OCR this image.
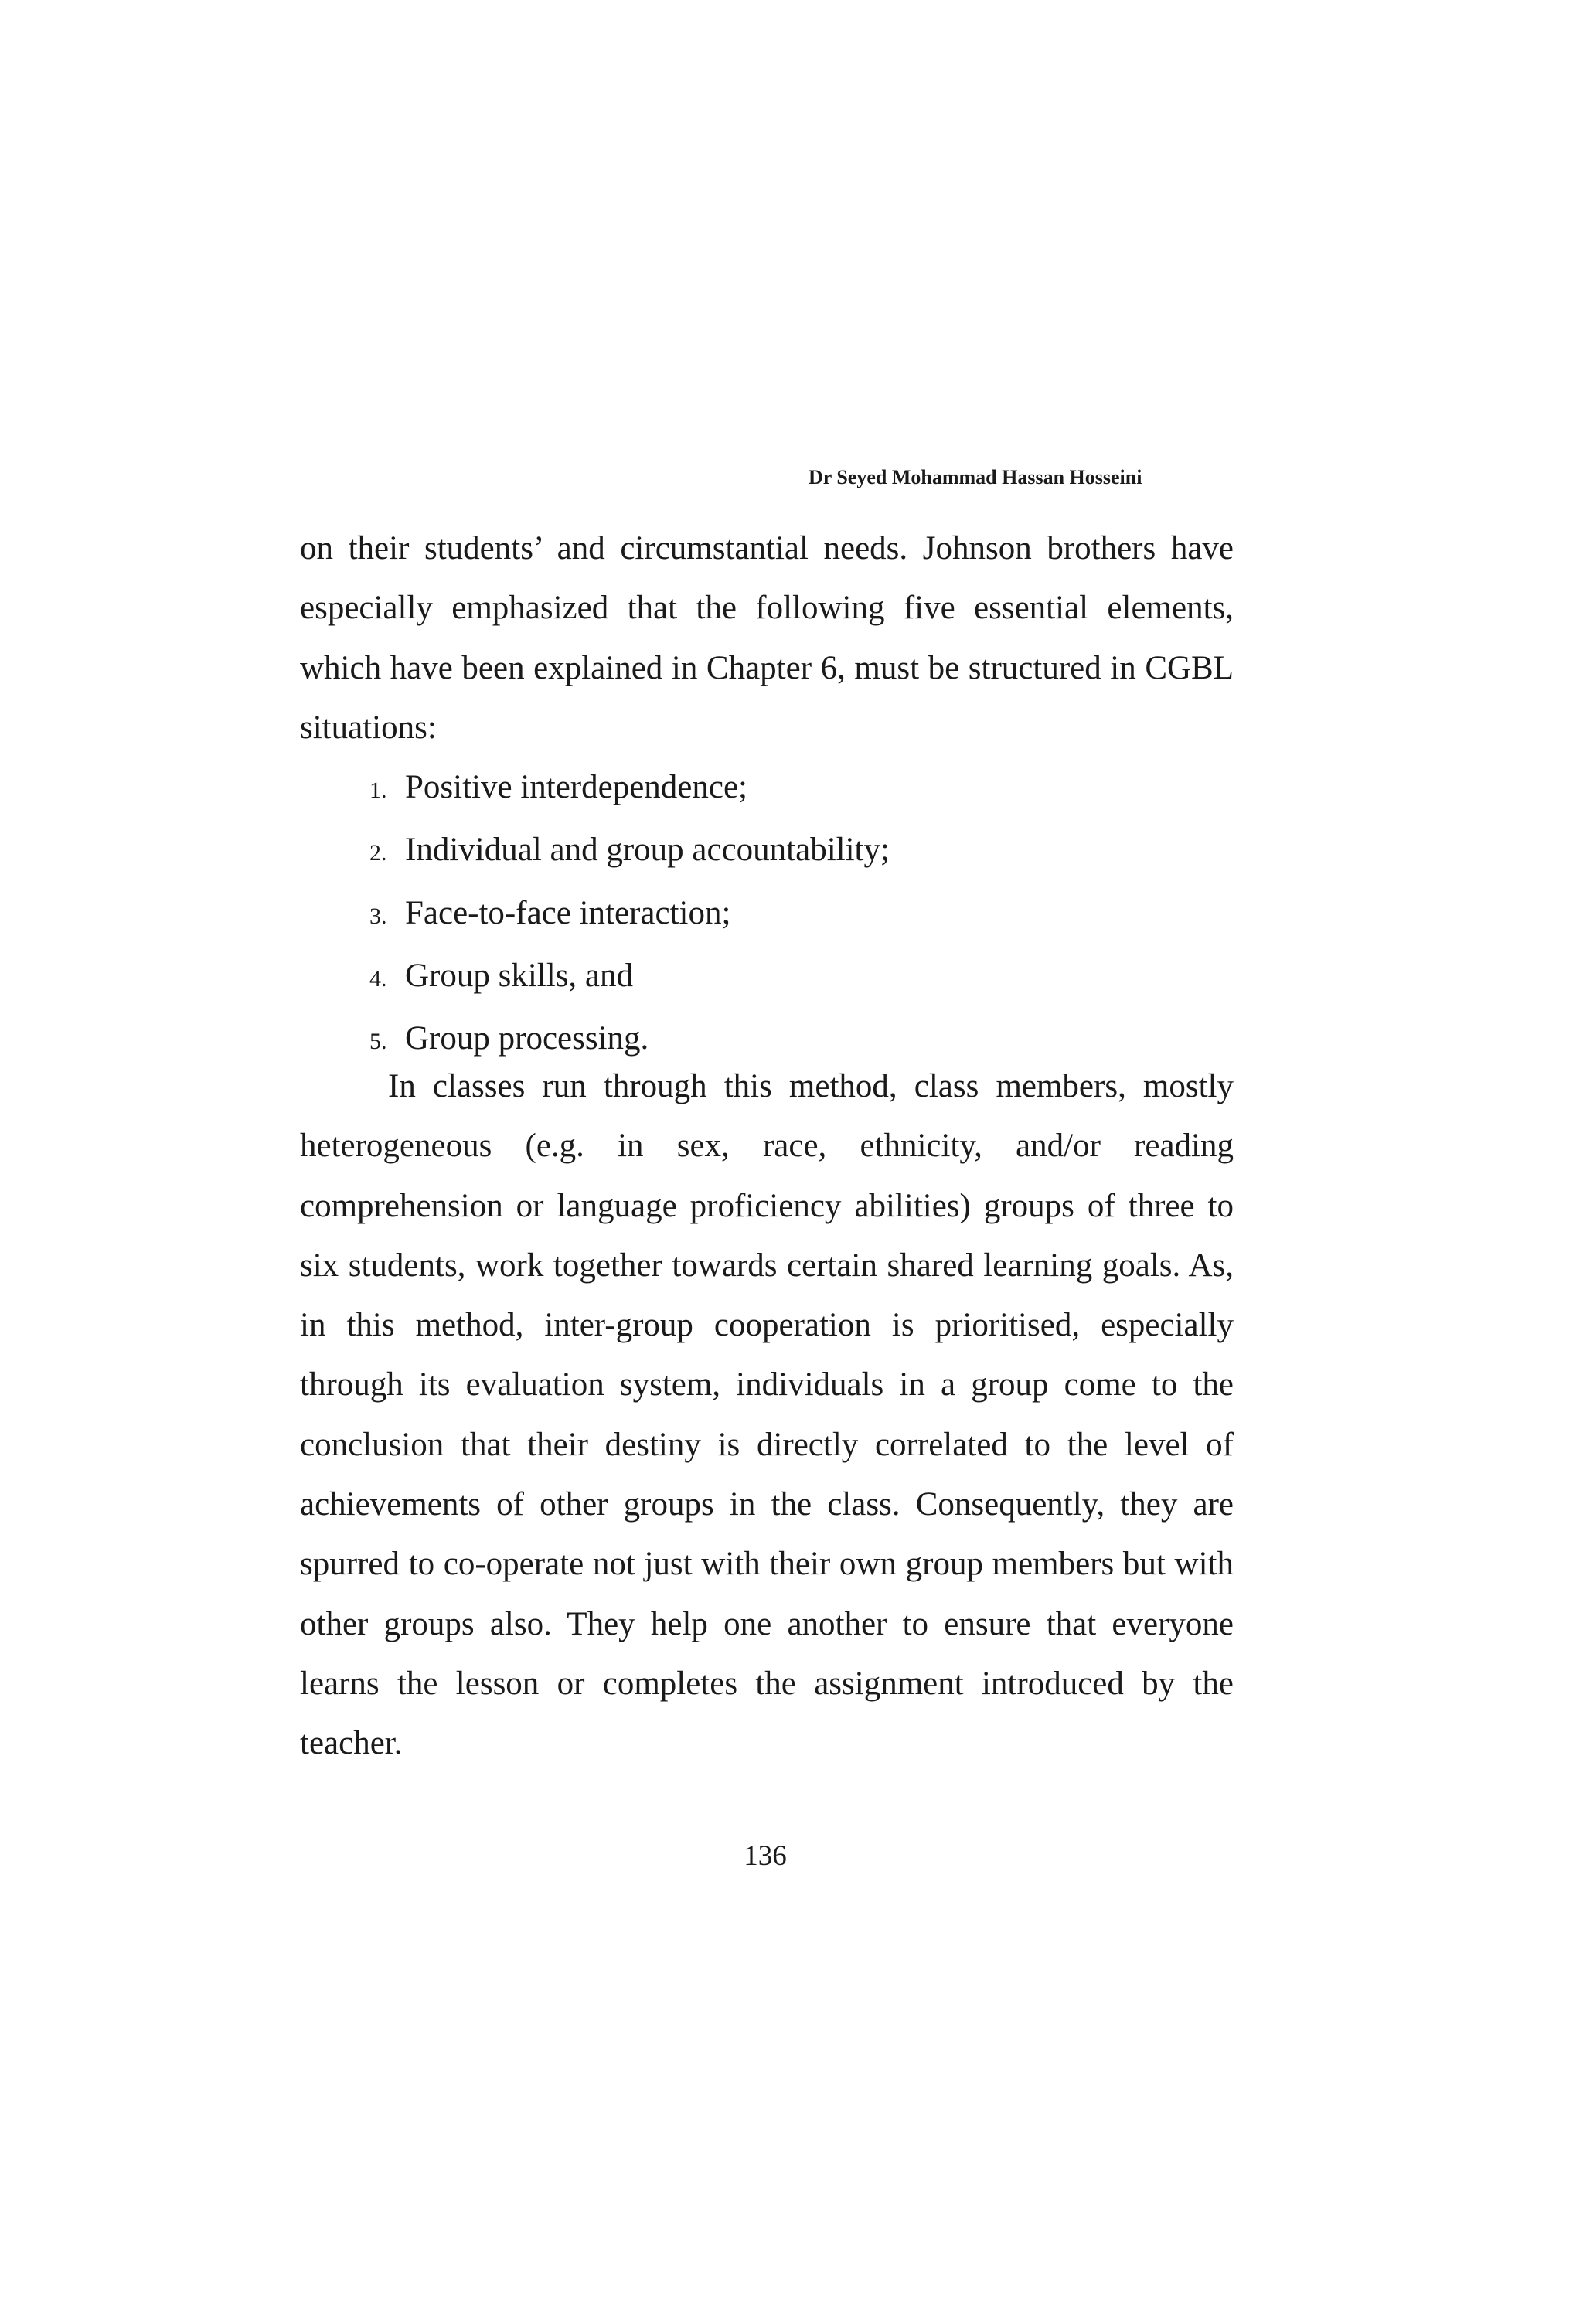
Dr Seyed Mohammad Hassan Hosseini

on their students’ and circumstantial needs. Johnson brothers have especially emphasized that the following five essential elements, which have been explained in Chapter 6, must be structured in CGBL situations:

1. Positive interdependence;
2. Individual and group accountability;
3. Face-to-face interaction;
4. Group skills, and
5. Group processing.

In classes run through this method, class members, mostly heterogeneous (e.g. in sex, race, ethnicity, and/or reading comprehension or language proficiency abilities) groups of three to six students, work together towards certain shared learning goals. As, in this method, inter-group cooperation is prioritised, especially through its evaluation system, individuals in a group come to the conclusion that their destiny is directly correlated to the level of achievements of other groups in the class. Consequently, they are spurred to co-operate not just with their own group members but with other groups also. They help one another to ensure that everyone learns the lesson or completes the assignment introduced by the teacher.

136
